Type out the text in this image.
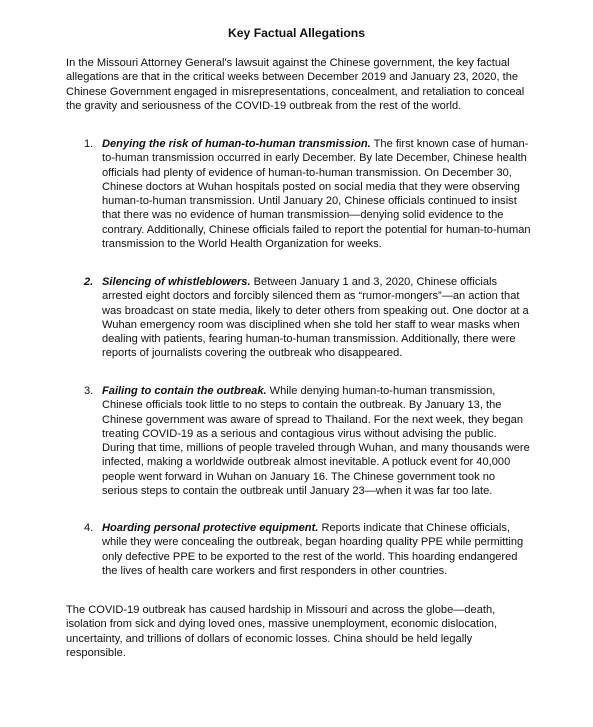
Key Factual Allegations
In the Missouri Attorney General's lawsuit against the Chinese government, the key factual allegations are that in the critical weeks between December 2019 and January 23, 2020, the Chinese Government engaged in misrepresentations, concealment, and retaliation to conceal the gravity and seriousness of the COVID-19 outbreak from the rest of the world.
1. Denying the risk of human-to-human transmission. The first known case of human-to-human transmission occurred in early December. By late December, Chinese health officials had plenty of evidence of human-to-human transmission. On December 30, Chinese doctors at Wuhan hospitals posted on social media that they were observing human-to-human transmission. Until January 20, Chinese officials continued to insist that there was no evidence of human transmission—denying solid evidence to the contrary. Additionally, Chinese officials failed to report the potential for human-to-human transmission to the World Health Organization for weeks.
2. Silencing of whistleblowers. Between January 1 and 3, 2020, Chinese officials arrested eight doctors and forcibly silenced them as “rumor-mongers”—an action that was broadcast on state media, likely to deter others from speaking out. One doctor at a Wuhan emergency room was disciplined when she told her staff to wear masks when dealing with patients, fearing human-to-human transmission. Additionally, there were reports of journalists covering the outbreak who disappeared.
3. Failing to contain the outbreak. While denying human-to-human transmission, Chinese officials took little to no steps to contain the outbreak. By January 13, the Chinese government was aware of spread to Thailand. For the next week, they began treating COVID-19 as a serious and contagious virus without advising the public. During that time, millions of people traveled through Wuhan, and many thousands were infected, making a worldwide outbreak almost inevitable. A potluck event for 40,000 people went forward in Wuhan on January 16. The Chinese government took no serious steps to contain the outbreak until January 23—when it was far too late.
4. Hoarding personal protective equipment. Reports indicate that Chinese officials, while they were concealing the outbreak, began hoarding quality PPE while permitting only defective PPE to be exported to the rest of the world. This hoarding endangered the lives of health care workers and first responders in other countries.
The COVID-19 outbreak has caused hardship in Missouri and across the globe—death, isolation from sick and dying loved ones, massive unemployment, economic dislocation, uncertainty, and trillions of dollars of economic losses. China should be held legally responsible.
